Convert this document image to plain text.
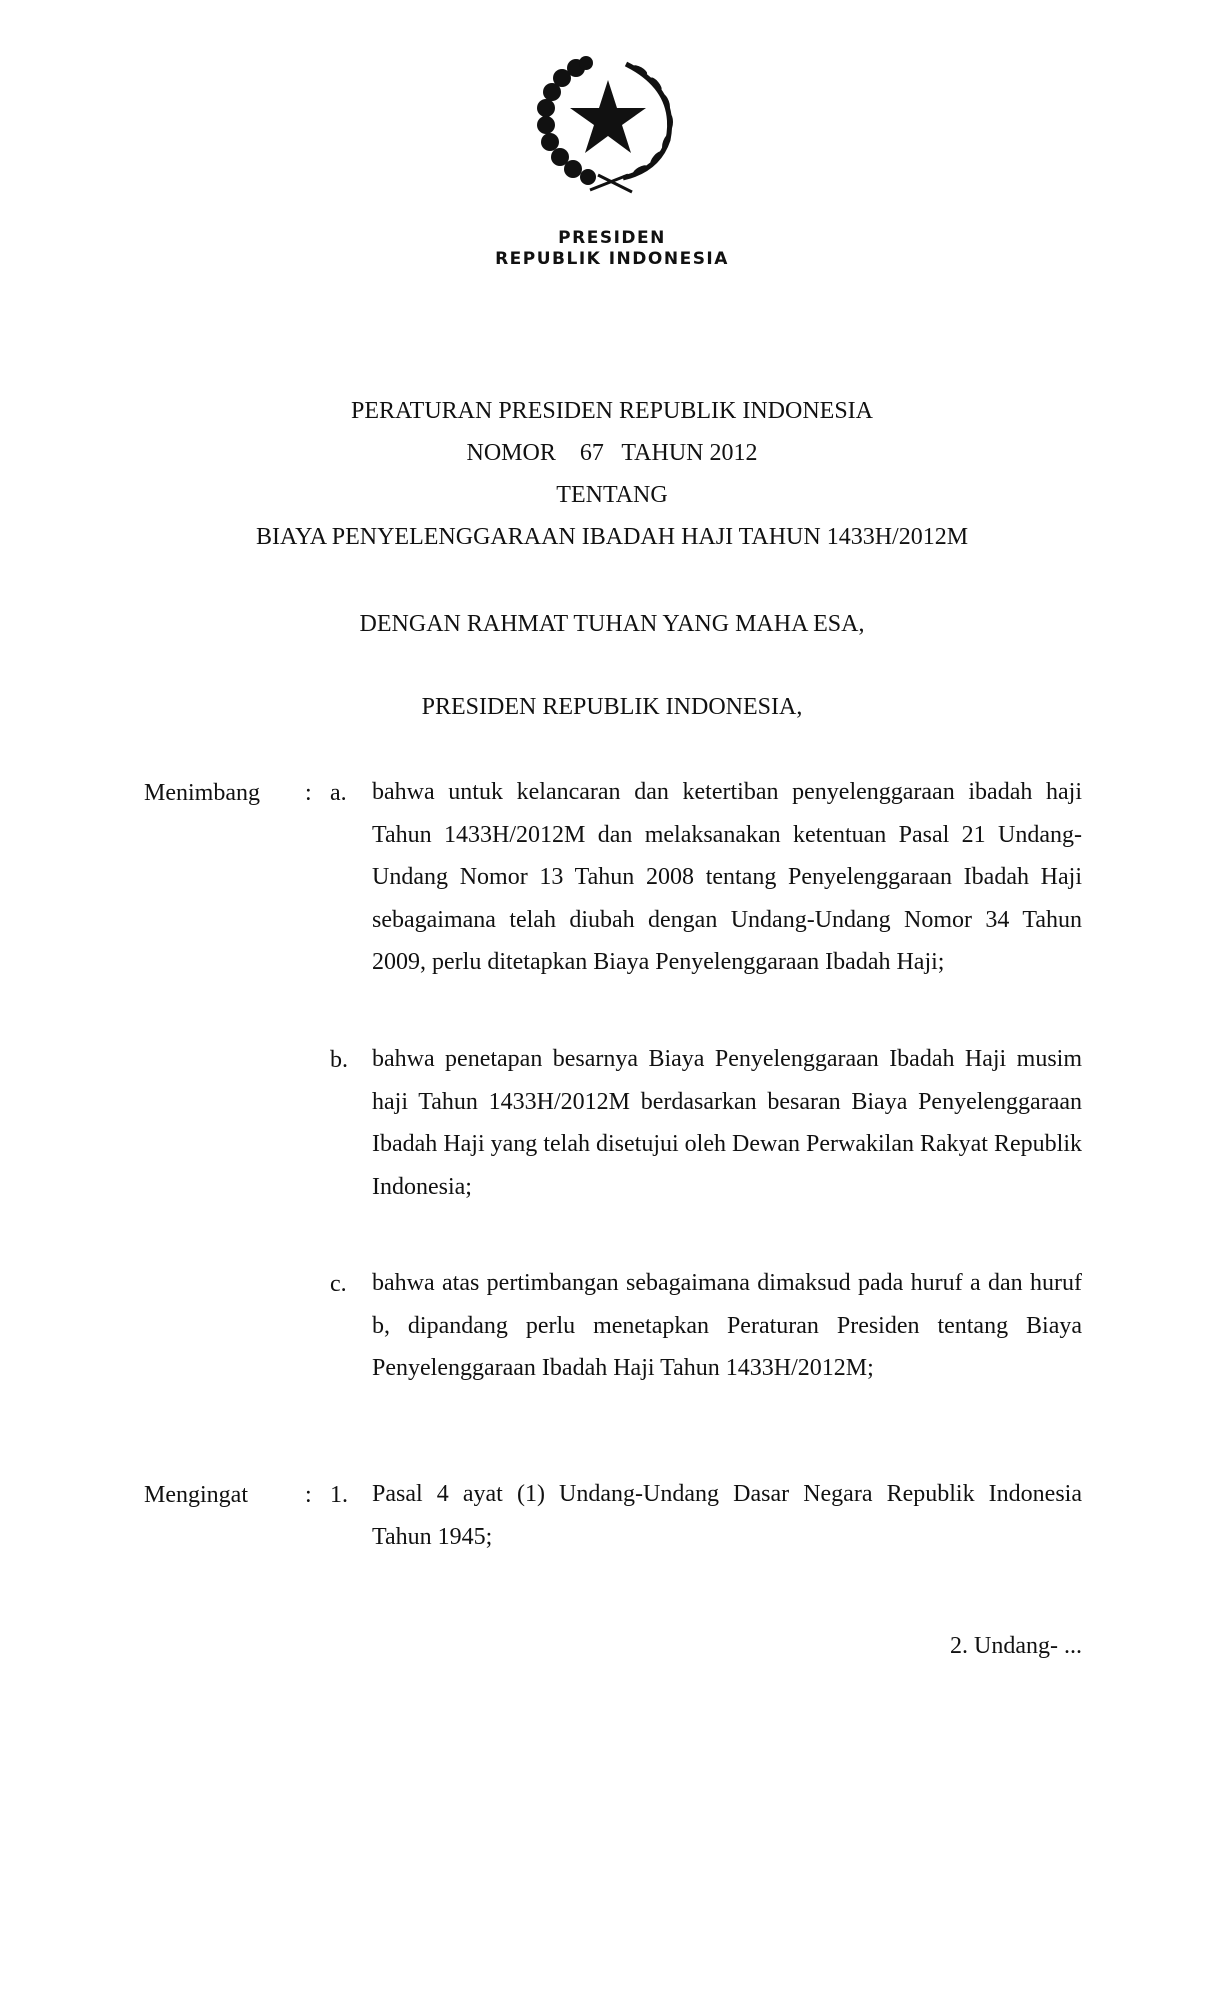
PRESIDEN
REPUBLIK INDONESIA
PERATURAN PRESIDEN REPUBLIK INDONESIA
NOMOR    67   TAHUN 2012
TENTANG
BIAYA PENYELENGGARAAN IBADAH HAJI TAHUN 1433H/2012M
DENGAN RAHMAT TUHAN YANG MAHA ESA,
PRESIDEN REPUBLIK INDONESIA,
Menimbang : a. bahwa untuk kelancaran dan ketertiban penyelenggaraan ibadah haji Tahun 1433H/2012M dan melaksanakan ketentuan Pasal 21 Undang-Undang Nomor 13 Tahun 2008 tentang Penyelenggaraan Ibadah Haji sebagaimana telah diubah dengan Undang-Undang Nomor 34 Tahun 2009, perlu ditetapkan Biaya Penyelenggaraan Ibadah Haji;
b. bahwa penetapan besarnya Biaya Penyelenggaraan Ibadah Haji musim haji Tahun 1433H/2012M berdasarkan besaran Biaya Penyelenggaraan Ibadah Haji yang telah disetujui oleh Dewan Perwakilan Rakyat Republik Indonesia;
c. bahwa atas pertimbangan sebagaimana dimaksud pada huruf a dan huruf b, dipandang perlu menetapkan Peraturan Presiden tentang Biaya Penyelenggaraan Ibadah Haji Tahun 1433H/2012M;
Mengingat : 1. Pasal 4 ayat (1) Undang-Undang Dasar Negara Republik Indonesia Tahun 1945;
2. Undang- ...
